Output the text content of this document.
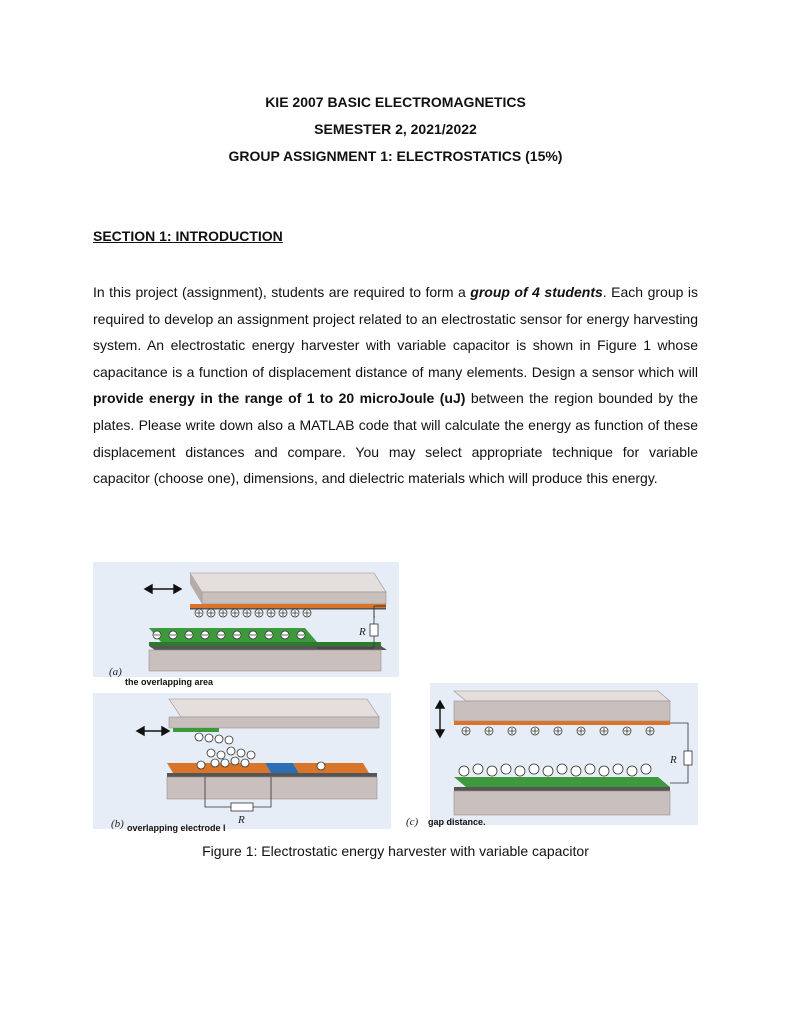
KIE 2007 BASIC ELECTROMAGNETICS
SEMESTER 2, 2021/2022
GROUP ASSIGNMENT 1: ELECTROSTATICS (15%)
SECTION 1: INTRODUCTION

In this project (assignment), students are required to form a group of 4 students. Each group is required to develop an assignment project related to an electrostatic sensor for energy harvesting system. An electrostatic energy harvester with variable capacitor is shown in Figure 1 whose capacitance is a function of displacement distance of many elements. Design a sensor which will provide energy in the range of 1 to 20 microJoule (uJ) between the region bounded by the plates. Please write down also a MATLAB code that will calculate the energy as function of these displacement distances and compare. You may select appropriate technique for variable capacitor (choose one), dimensions, and dielectric materials which will produce this energy.

R
(a)
the overlapping area
R
(b) overlapping electrode l
R
(c) gap distance.
Figure 1: Electrostatic energy harvester with variable capacitor
